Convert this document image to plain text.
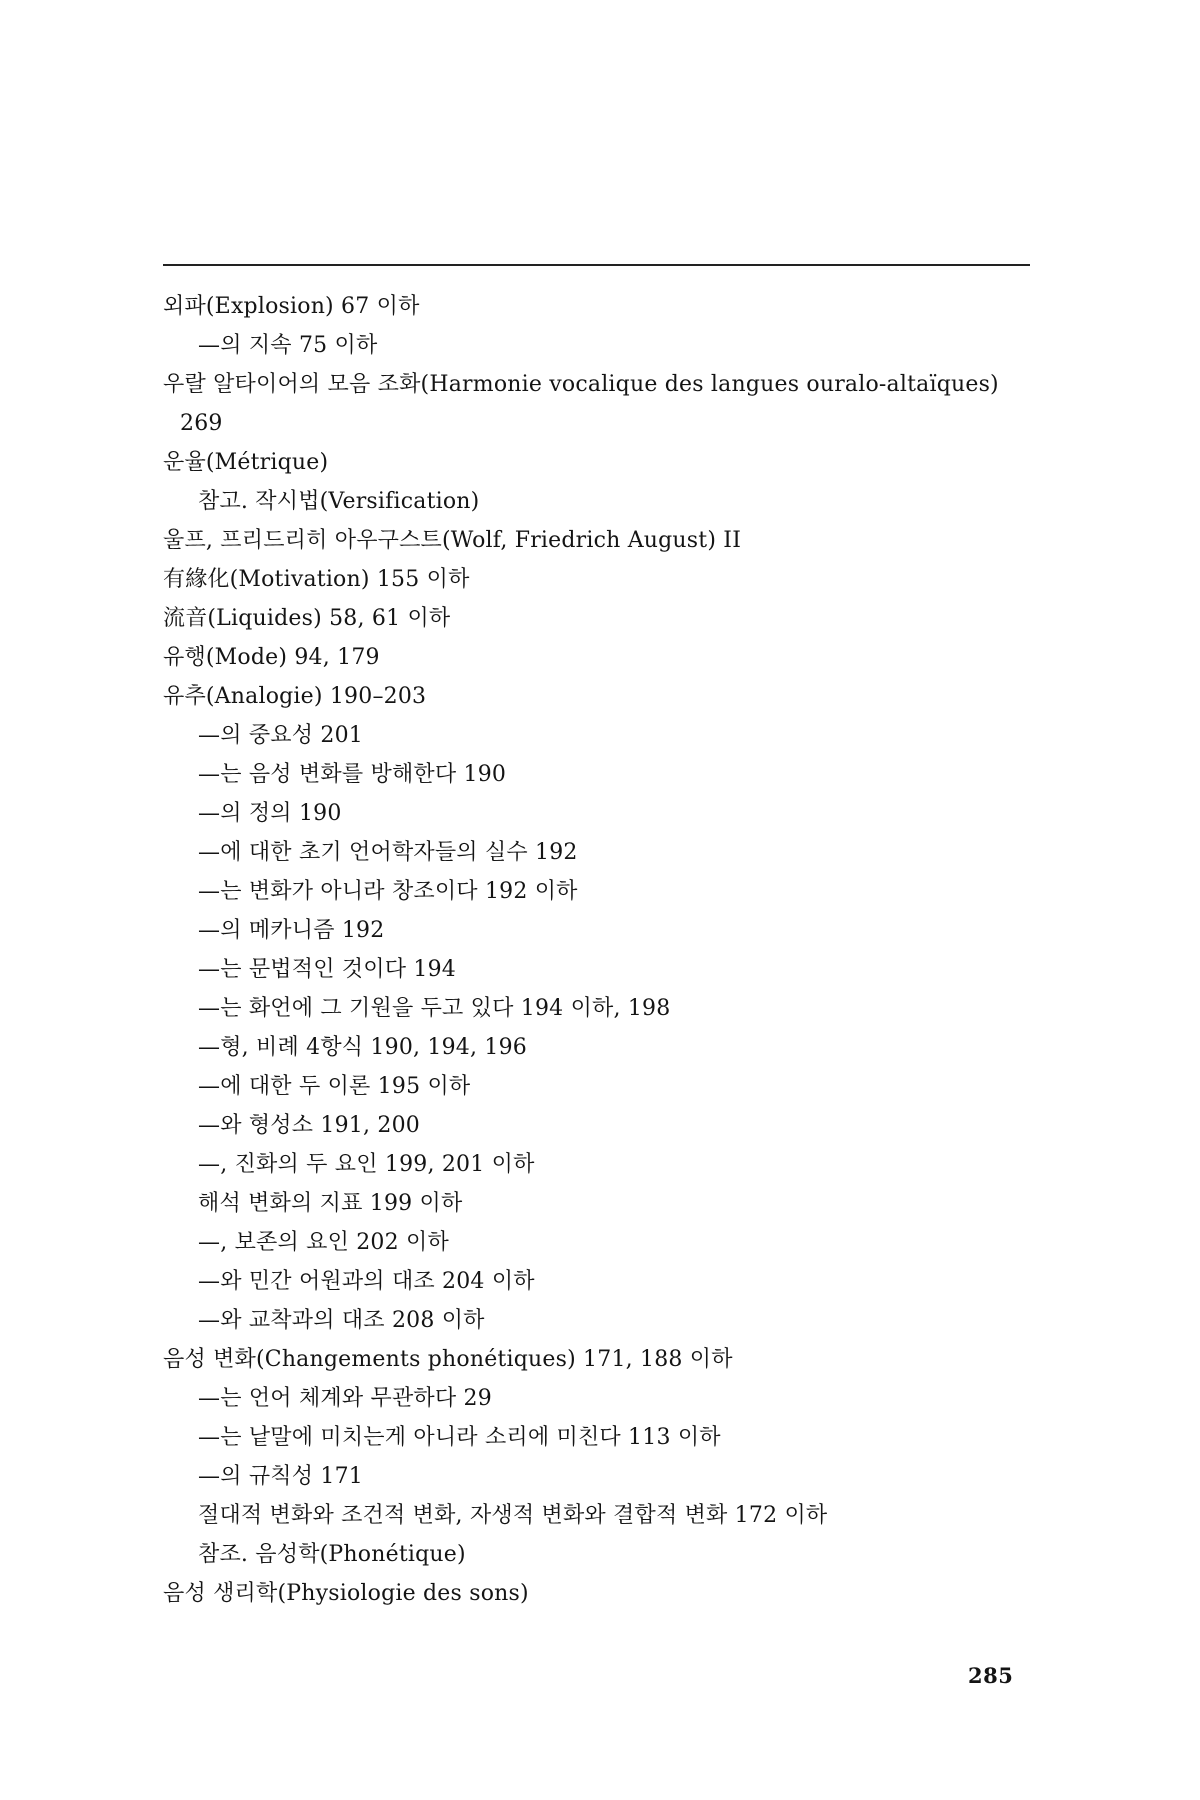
외파(Explosion) 67 이하
—의 지속 75 이하
우랄 알타이어의 모음 조화(Harmonie vocalique des langues ouralo-altaïques)
269
운율(Métrique)
참고. 작시법(Versification)
울프, 프리드리히 아우구스트(Wolf, Friedrich August) II
有緣化(Motivation) 155 이하
流音(Liquides) 58, 61 이하
유행(Mode) 94, 179
유추(Analogie) 190–203
—의 중요성 201
—는 음성 변화를 방해한다 190
—의 정의 190
—에 대한 초기 언어학자들의 실수 192
—는 변화가 아니라 창조이다 192 이하
—의 메카니즘 192
—는 문법적인 것이다 194
—는 화언에 그 기원을 두고 있다 194 이하, 198
—형, 비례 4항식 190, 194, 196
—에 대한 두 이론 195 이하
—와 형성소 191, 200
—, 진화의 두 요인 199, 201 이하
해석 변화의 지표 199 이하
—, 보존의 요인 202 이하
—와 민간 어원과의 대조 204 이하
—와 교착과의 대조 208 이하
음성 변화(Changements phonétiques) 171, 188 이하
—는 언어 체계와 무관하다 29
—는 낱말에 미치는게 아니라 소리에 미친다 113 이하
—의 규칙성 171
절대적 변화와 조건적 변화, 자생적 변화와 결합적 변화 172 이하
참조. 음성학(Phonétique)
음성 생리학(Physiologie des sons)
285
